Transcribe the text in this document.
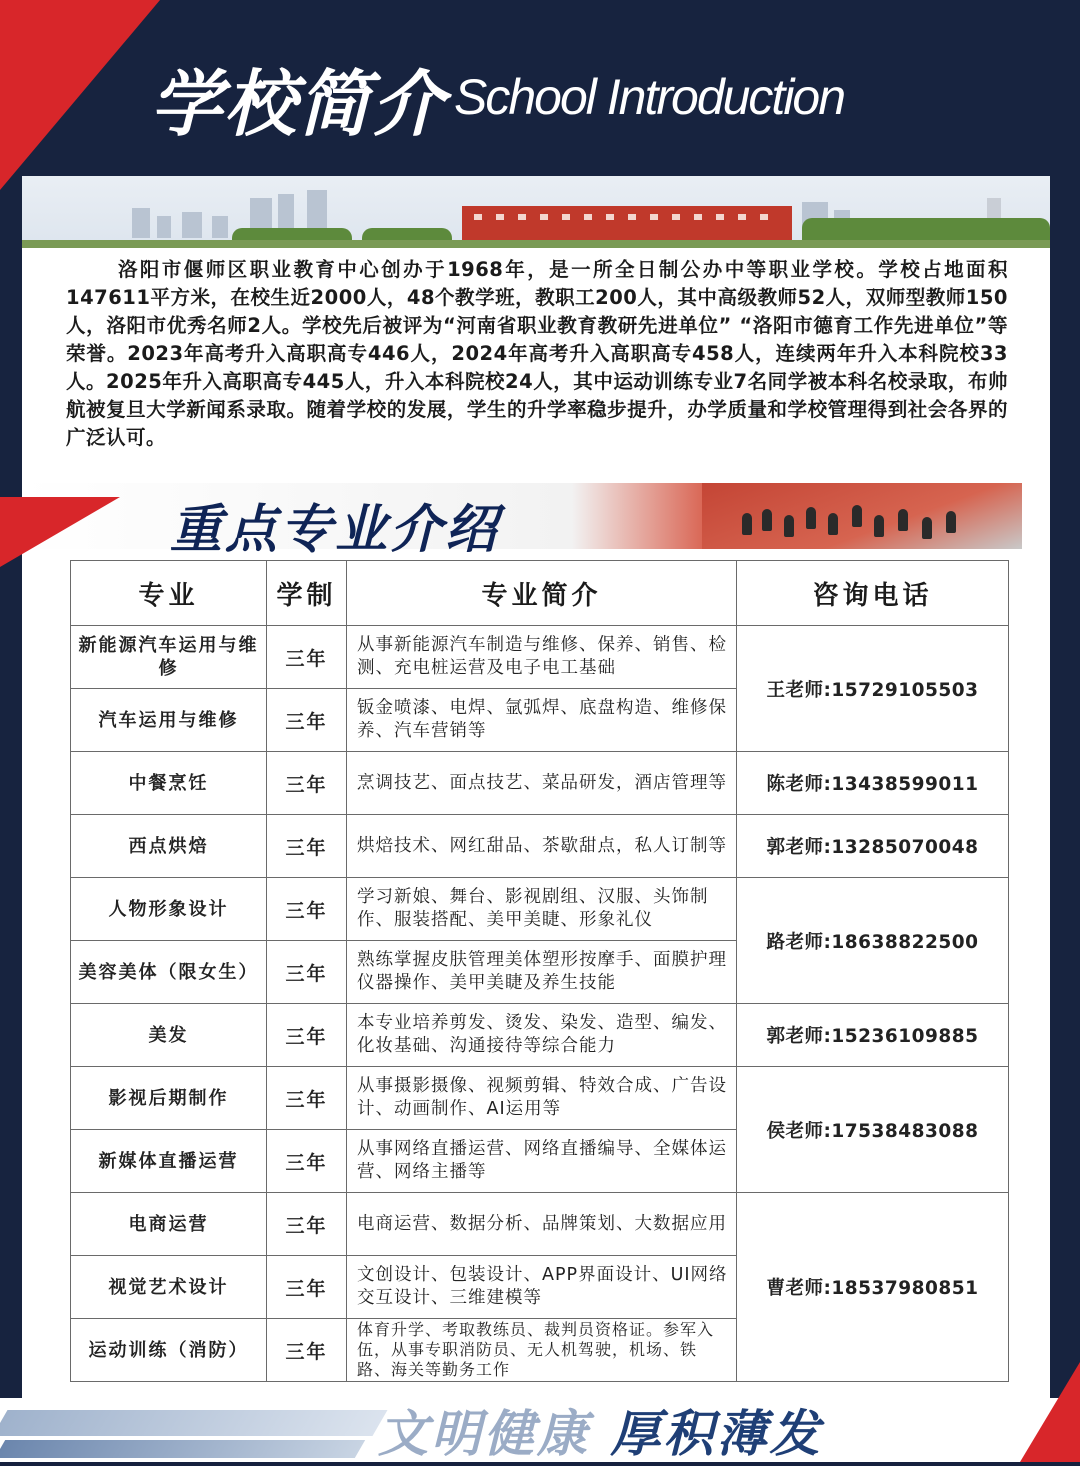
学校简介 School Introduction
洛阳市偃师区职业教育中心创办于1968年，是一所全日制公办中等职业学校。学校占地面积147611平方米，在校生近2000人，48个教学班，教职工200人，其中高级教师52人，双师型教师150人，洛阳市优秀名师2人。学校先后被评为“河南省职业教育教研先进单位” “洛阳市德育工作先进单位”等荣誉。2023年高考升入高职高专446人，2024年高考升入高职高专458人，连续两年升入本科院校33人。2025年升入高职高专445人，升入本科院校24人，其中运动训练专业7名同学被本科名校录取，布帅航被复旦大学新闻系录取。随着学校的发展，学生的升学率稳步提升，办学质量和学校管理得到社会各界的广泛认可。
重点专业介绍
专业	学制	专业简介	咨询电话
新能源汽车运用与维修	三年	从事新能源汽车制造与维修、保养、销售、检测、充电桩运营及电子电工基础	王老师:15729105503
汽车运用与维修	三年	钣金喷漆、电焊、氩弧焊、底盘构造、维修保养、汽车营销等	
中餐烹饪	三年	烹调技艺、面点技艺、菜品研发，酒店管理等	陈老师:13438599011
西点烘焙	三年	烘焙技术、网红甜品、茶歇甜点，私人订制等	郭老师:13285070048
人物形象设计	三年	学习新娘、舞台、影视剧组、汉服、头饰制作、服装搭配、美甲美睫、形象礼仪	路老师:18638822500
美容美体（限女生）	三年	熟练掌握皮肤管理美体塑形按摩手、面膜护理仪器操作、美甲美睫及养生技能	
美发	三年	本专业培养剪发、烫发、染发、造型、编发、化妆基础、沟通接待等综合能力	郭老师:15236109885
影视后期制作	三年	从事摄影摄像、视频剪辑、特效合成、广告设计、动画制作、AI运用等	侯老师:17538483088
新媒体直播运营	三年	从事网络直播运营、网络直播编导、全媒体运营、网络主播等	
电商运营	三年	电商运营、数据分析、品牌策划、大数据应用	曹老师:18537980851
视觉艺术设计	三年	文创设计、包装设计、APP界面设计、UI网络交互设计、三维建模等	
运动训练（消防）	三年	体育升学、考取教练员、裁判员资格证。参军入伍，从事专职消防员、无人机驾驶，机场、铁路、海关等勤务工作	
文明健康 厚积薄发
